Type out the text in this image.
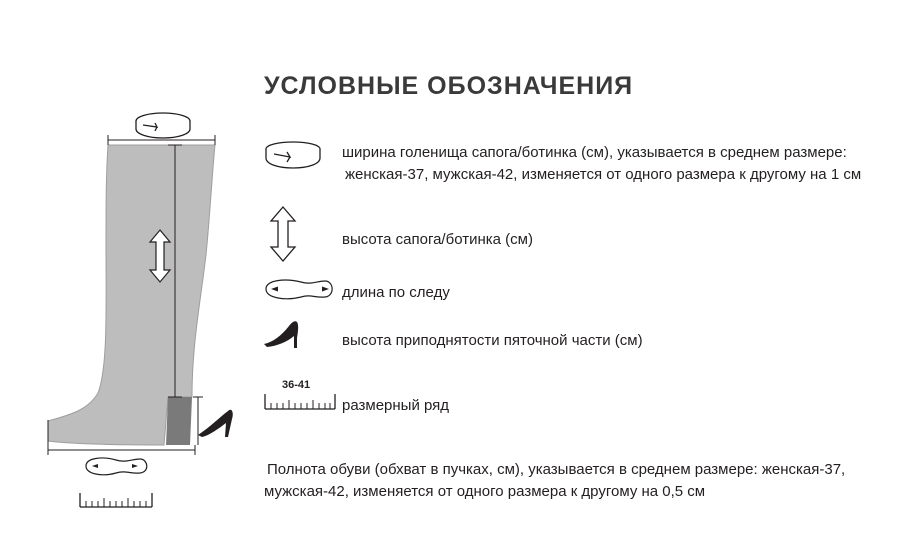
УСЛОВНЫЕ ОБОЗНАЧЕНИЯ
ширина голенища сапога/ботинка (см), указывается в среднем размере:
женская-37, мужская-42, изменяется от одного размера к другому на 1 см
высота сапога/ботинка (см)
длина по следу
высота приподнятости пяточной части (см)
36-41
размерный ряд
Полнота обуви (обхват в пучках, см), указывается в среднем размере: женская-37,
мужская-42, изменяется от одного размера к другому на 0,5 см
